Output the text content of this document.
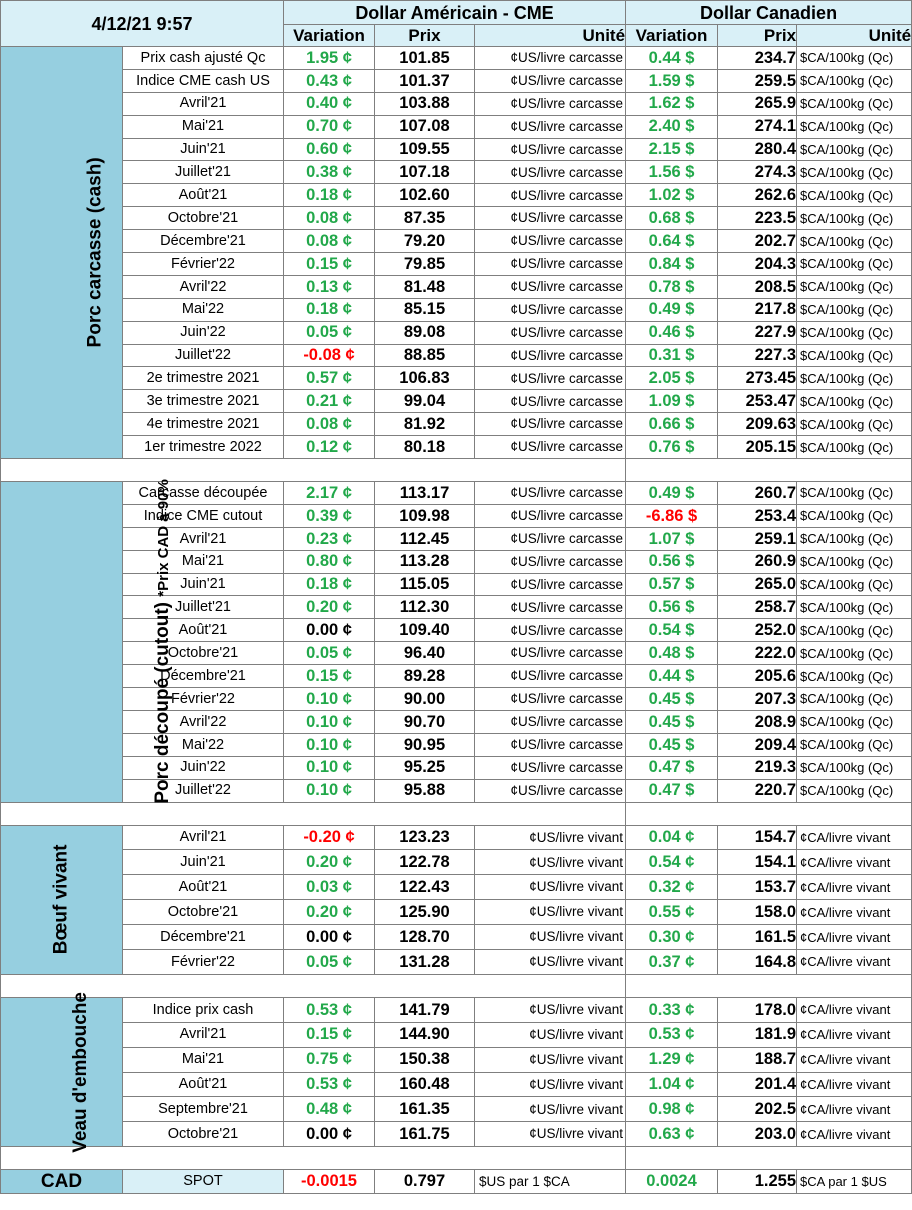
4/12/21 9:57		Dollar Américain - CME			Dollar Canadien		
		Variation	Prix	Unité	Variation	Prix	Unité
Porc carcasse (cash)	Prix cash ajusté Qc	1.95 ¢	101.85	¢US/livre carcasse	0.44 $	234.7	$CA/100kg (Qc)
	Indice CME cash US	0.43 ¢	101.37	¢US/livre carcasse	1.59 $	259.5	$CA/100kg (Qc)
	Avril'21	0.40 ¢	103.88	¢US/livre carcasse	1.62 $	265.9	$CA/100kg (Qc)
	Mai'21	0.70 ¢	107.08	¢US/livre carcasse	2.40 $	274.1	$CA/100kg (Qc)
	Juin'21	0.60 ¢	109.55	¢US/livre carcasse	2.15 $	280.4	$CA/100kg (Qc)
	Juillet'21	0.38 ¢	107.18	¢US/livre carcasse	1.56 $	274.3	$CA/100kg (Qc)
	Août'21	0.18 ¢	102.60	¢US/livre carcasse	1.02 $	262.6	$CA/100kg (Qc)
	Octobre'21	0.08 ¢	87.35	¢US/livre carcasse	0.68 $	223.5	$CA/100kg (Qc)
	Décembre'21	0.08 ¢	79.20	¢US/livre carcasse	0.64 $	202.7	$CA/100kg (Qc)
	Février'22	0.15 ¢	79.85	¢US/livre carcasse	0.84 $	204.3	$CA/100kg (Qc)
	Avril'22	0.13 ¢	81.48	¢US/livre carcasse	0.78 $	208.5	$CA/100kg (Qc)
	Mai'22	0.18 ¢	85.15	¢US/livre carcasse	0.49 $	217.8	$CA/100kg (Qc)
	Juin'22	0.05 ¢	89.08	¢US/livre carcasse	0.46 $	227.9	$CA/100kg (Qc)
	Juillet'22	-0.08 ¢	88.85	¢US/livre carcasse	0.31 $	227.3	$CA/100kg (Qc)
	2e trimestre 2021	0.57 ¢	106.83	¢US/livre carcasse	2.05 $	273.45	$CA/100kg (Qc)
	3e trimestre 2021	0.21 ¢	99.04	¢US/livre carcasse	1.09 $	253.47	$CA/100kg (Qc)
	4e trimestre 2021	0.08 ¢	81.92	¢US/livre carcasse	0.66 $	209.63	$CA/100kg (Qc)
	1er trimestre 2022	0.12 ¢	80.18	¢US/livre carcasse	0.76 $	205.15	$CA/100kg (Qc)

Porc découpé (cutout) *Prix CAD à 90%	Carcasse découpée	2.17 ¢	113.17	¢US/livre carcasse	0.49 $	260.7	$CA/100kg (Qc)
	Indice CME cutout	0.39 ¢	109.98	¢US/livre carcasse	-6.86 $	253.4	$CA/100kg (Qc)
	Avril'21	0.23 ¢	112.45	¢US/livre carcasse	1.07 $	259.1	$CA/100kg (Qc)
	Mai'21	0.80 ¢	113.28	¢US/livre carcasse	0.56 $	260.9	$CA/100kg (Qc)
	Juin'21	0.18 ¢	115.05	¢US/livre carcasse	0.57 $	265.0	$CA/100kg (Qc)
	Juillet'21	0.20 ¢	112.30	¢US/livre carcasse	0.56 $	258.7	$CA/100kg (Qc)
	Août'21	0.00 ¢	109.40	¢US/livre carcasse	0.54 $	252.0	$CA/100kg (Qc)
	Octobre'21	0.05 ¢	96.40	¢US/livre carcasse	0.48 $	222.0	$CA/100kg (Qc)
	Décembre'21	0.15 ¢	89.28	¢US/livre carcasse	0.44 $	205.6	$CA/100kg (Qc)
	Février'22	0.10 ¢	90.00	¢US/livre carcasse	0.45 $	207.3	$CA/100kg (Qc)
	Avril'22	0.10 ¢	90.70	¢US/livre carcasse	0.45 $	208.9	$CA/100kg (Qc)
	Mai'22	0.10 ¢	90.95	¢US/livre carcasse	0.45 $	209.4	$CA/100kg (Qc)
	Juin'22	0.10 ¢	95.25	¢US/livre carcasse	0.47 $	219.3	$CA/100kg (Qc)
	Juillet'22	0.10 ¢	95.88	¢US/livre carcasse	0.47 $	220.7	$CA/100kg (Qc)

Bœuf vivant	Avril'21	-0.20 ¢	123.23	¢US/livre vivant	0.04 ¢	154.7	¢CA/livre vivant
	Juin'21	0.20 ¢	122.78	¢US/livre vivant	0.54 ¢	154.1	¢CA/livre vivant
	Août'21	0.03 ¢	122.43	¢US/livre vivant	0.32 ¢	153.7	¢CA/livre vivant
	Octobre'21	0.20 ¢	125.90	¢US/livre vivant	0.55 ¢	158.0	¢CA/livre vivant
	Décembre'21	0.00 ¢	128.70	¢US/livre vivant	0.30 ¢	161.5	¢CA/livre vivant
	Février'22	0.05 ¢	131.28	¢US/livre vivant	0.37 ¢	164.8	¢CA/livre vivant

Veau d'embouche	Indice prix cash	0.53 ¢	141.79	¢US/livre vivant	0.33 ¢	178.0	¢CA/livre vivant
	Avril'21	0.15 ¢	144.90	¢US/livre vivant	0.53 ¢	181.9	¢CA/livre vivant
	Mai'21	0.75 ¢	150.38	¢US/livre vivant	1.29 ¢	188.7	¢CA/livre vivant
	Août'21	0.53 ¢	160.48	¢US/livre vivant	1.04 ¢	201.4	¢CA/livre vivant
	Septembre'21	0.48 ¢	161.35	¢US/livre vivant	0.98 ¢	202.5	¢CA/livre vivant
	Octobre'21	0.00 ¢	161.75	¢US/livre vivant	0.63 ¢	203.0	¢CA/livre vivant

CAD	SPOT	-0.0015	0.797	$US par 1 $CA	0.0024	1.255	$CA par 1 $US
